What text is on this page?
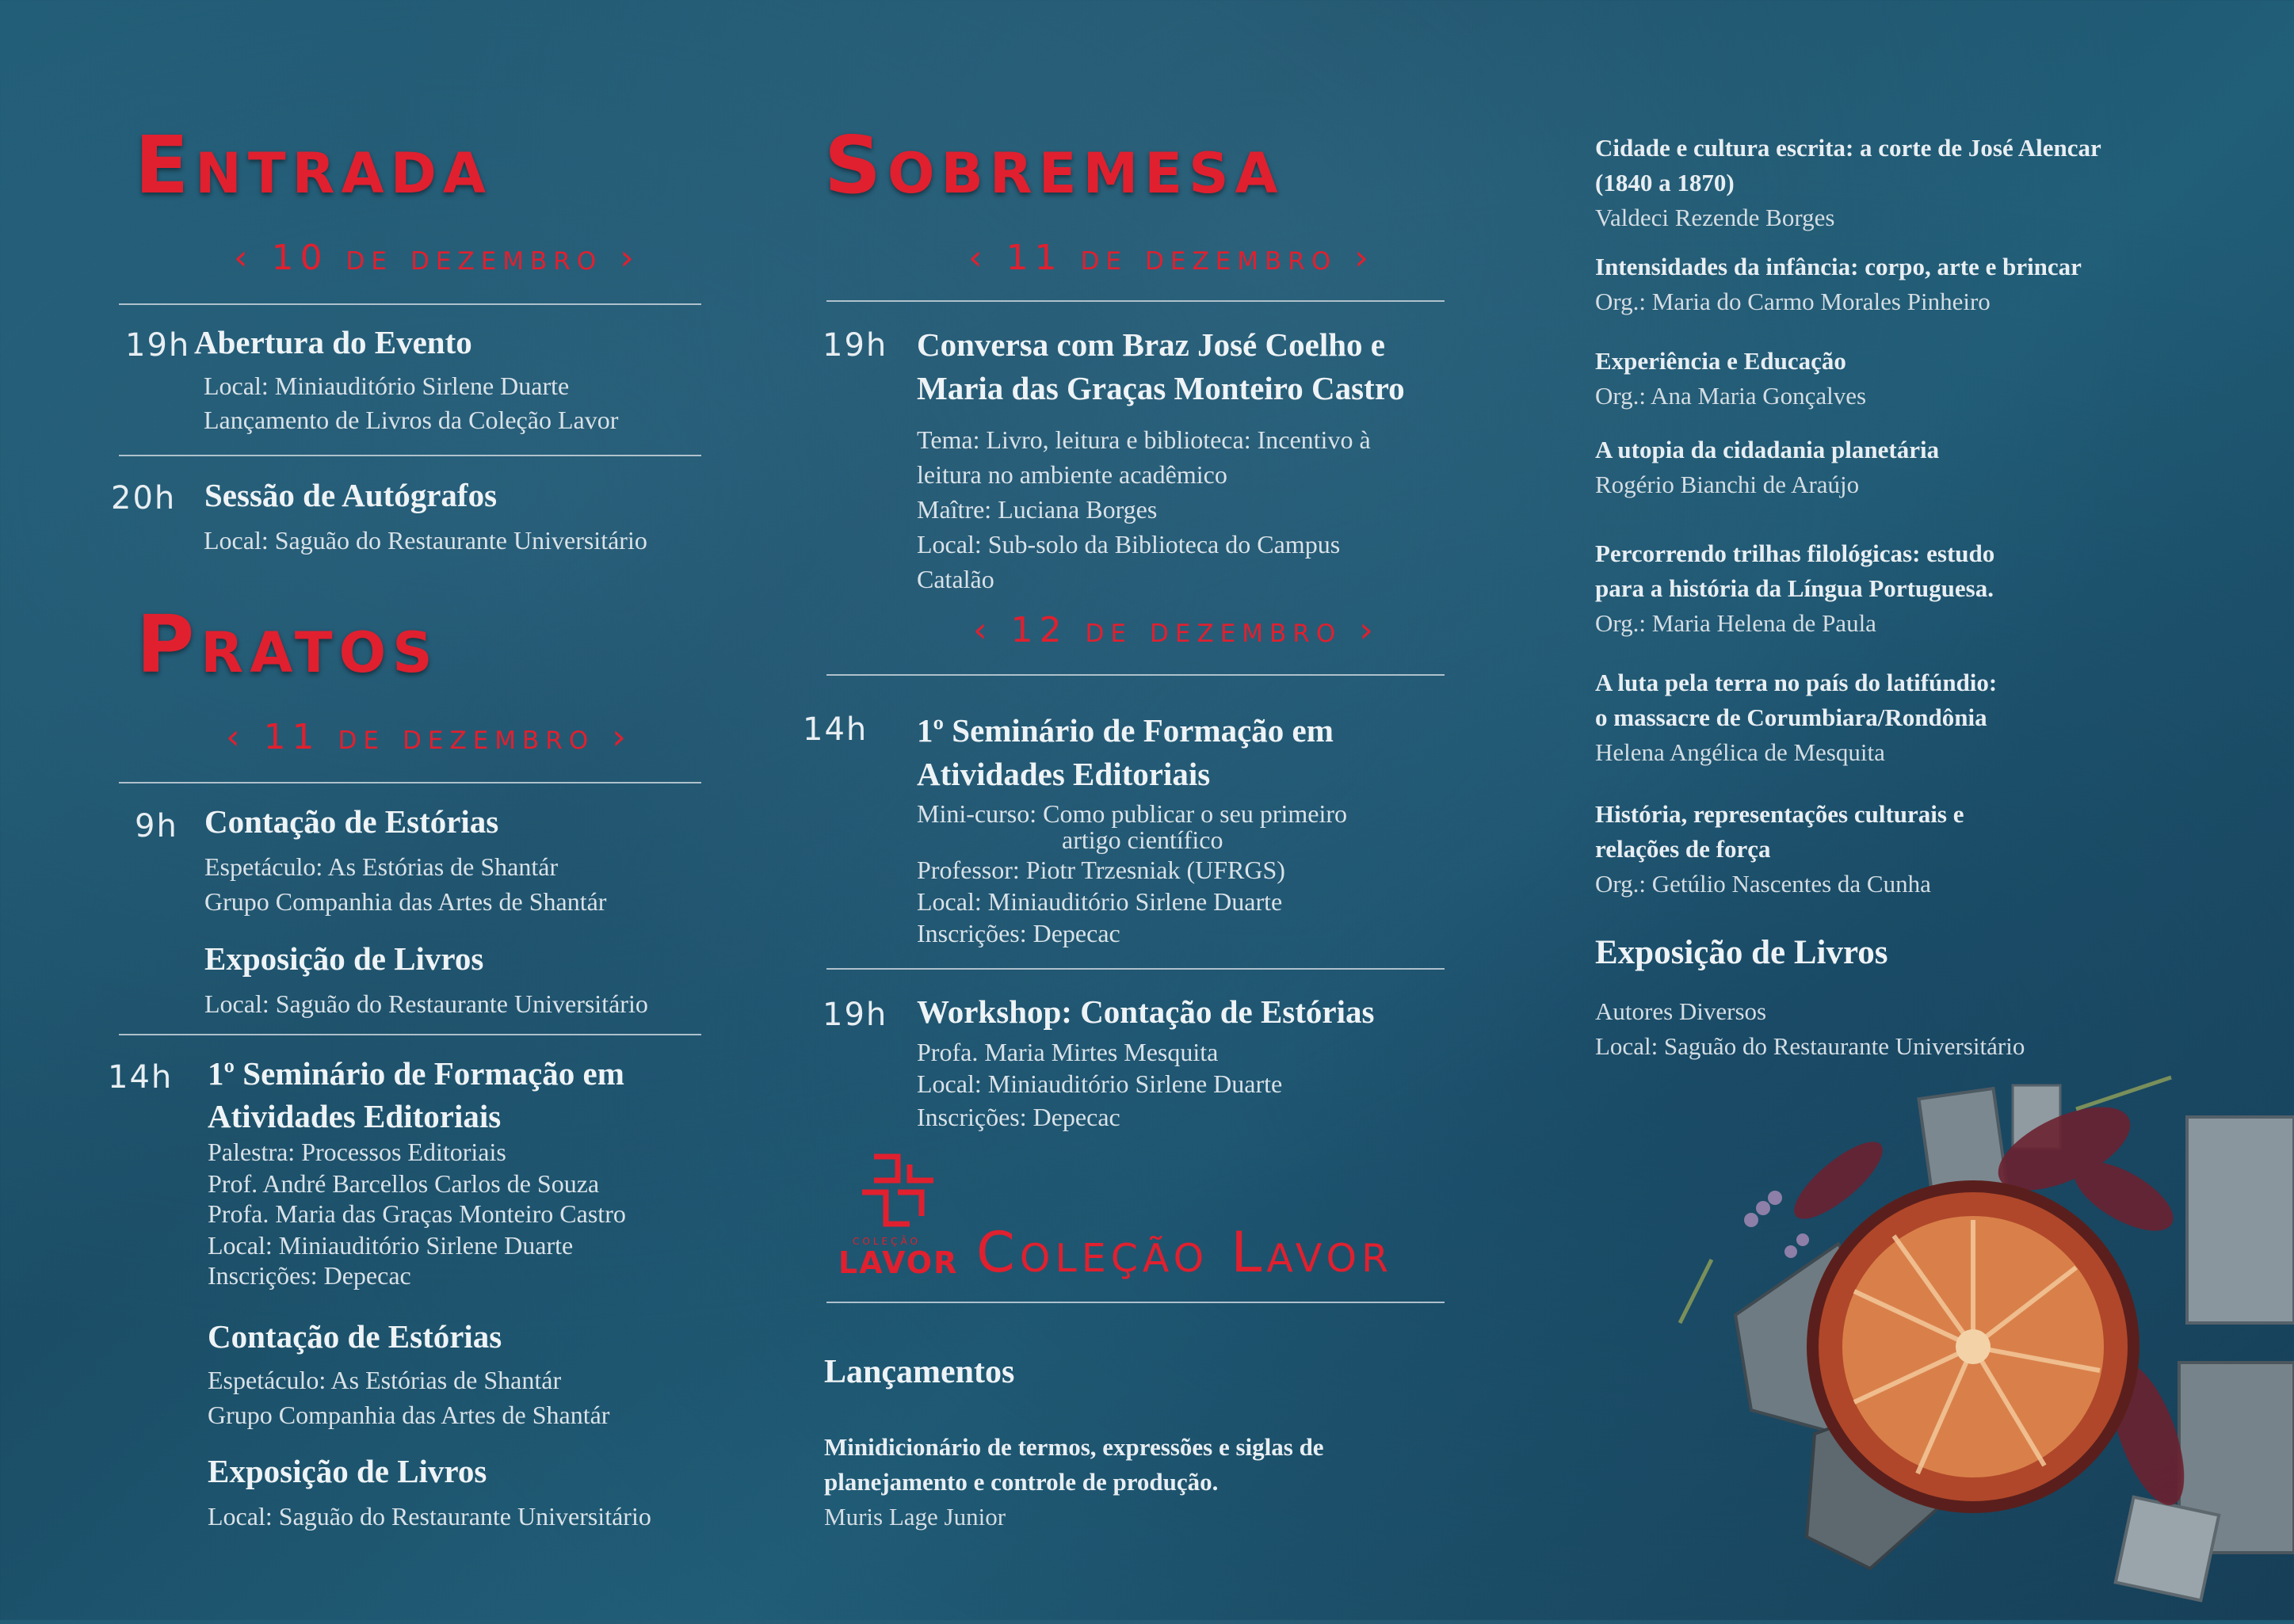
Entrada
‹ 10 de dezembro ›
19h Abertura do Evento
Local: Miniauditório Sirlene Duarte
Lançamento de Livros da Coleção Lavor
20h Sessão de Autógrafos
Local: Saguão do Restaurante Universitário
Pratos
‹ 11 de dezembro ›
9h Contação de Estórias
Espetáculo: As Estórias de Shantár
Grupo Companhia das Artes de Shantár
Exposição de Livros
Local: Saguão do Restaurante Universitário
14h 1º Seminário de Formação em
Atividades Editoriais
Palestra: Processos Editoriais
Prof. André Barcellos Carlos de Souza
Profa. Maria das Graças Monteiro Castro
Local: Miniauditório Sirlene Duarte
Inscrições: Depecac
Contação de Estórias
Espetáculo: As Estórias de Shantár
Grupo Companhia das Artes de Shantár
Exposição de Livros
Local: Saguão do Restaurante Universitário
Sobremesa
‹ 11 de dezembro ›
19h Conversa com Braz José Coelho e
Maria das Graças Monteiro Castro
Tema: Livro, leitura e biblioteca: Incentivo à
leitura no ambiente acadêmico
Maître: Luciana Borges
Local: Sub-solo da Biblioteca do Campus
Catalão
‹ 12 de dezembro ›
14h 1º Seminário de Formação em
Atividades Editoriais
Mini-curso: Como publicar o seu primeiro
artigo científico
Professor: Piotr Trzesniak (UFRGS)
Local: Miniauditório Sirlene Duarte
Inscrições: Depecac
19h Workshop: Contação de Estórias
Profa. Maria Mirtes Mesquita
Local: Miniauditório Sirlene Duarte
Inscrições: Depecac
COLEÇÃO
LAVOR Coleção Lavor
Lançamentos
Minidicionário de termos, expressões e siglas de
planejamento e controle de produção.
Muris Lage Junior
Cidade e cultura escrita: a corte de José Alencar
(1840 a 1870)
Valdeci Rezende Borges
Intensidades da infância: corpo, arte e brincar
Org.: Maria do Carmo Morales Pinheiro
Experiência e Educação
Org.: Ana Maria Gonçalves
A utopia da cidadania planetária
Rogério Bianchi de Araújo
Percorrendo trilhas filológicas: estudo
para a história da Língua Portuguesa.
Org.: Maria Helena de Paula
A luta pela terra no país do latifúndio:
o massacre de Corumbiara/Rondônia
Helena Angélica de Mesquita
História, representações culturais e
relações de força
Org.: Getúlio Nascentes da Cunha
Exposição de Livros
Autores Diversos
Local: Saguão do Restaurante Universitário
